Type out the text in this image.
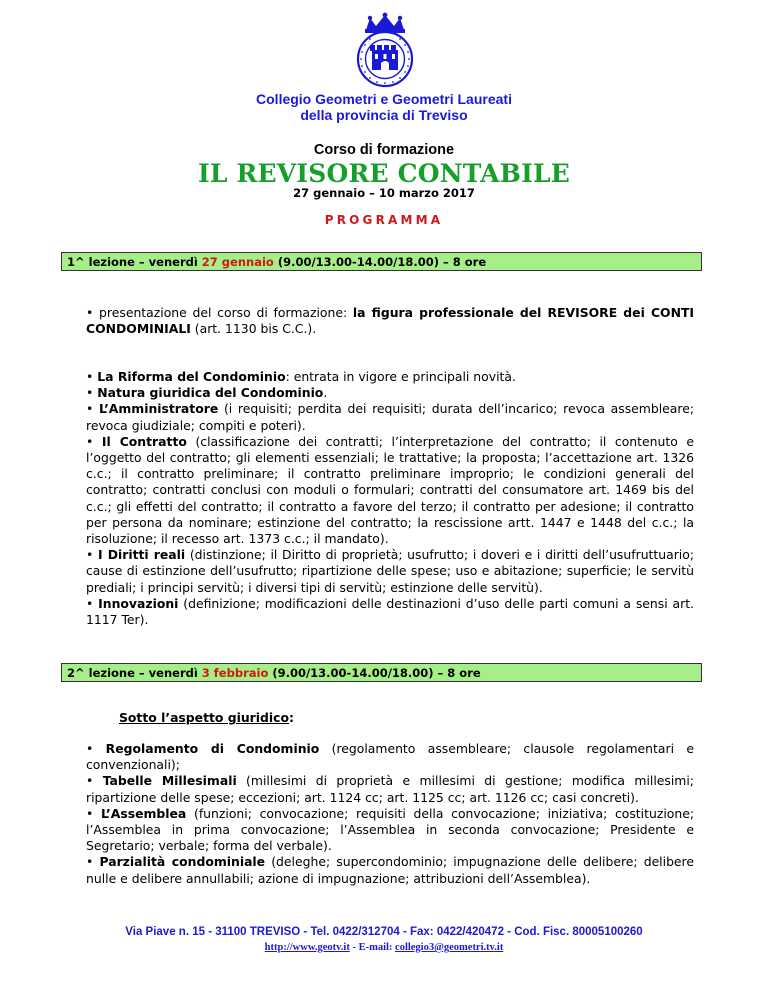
Collegio Geometri e Geometri Laureati
della provincia di Treviso
Corso di formazione
IL REVISORE CONTABILE
27 gennaio – 10 marzo 2017
PROGRAMMA
1^ lezione – venerdì 27 gennaio (9.00/13.00-14.00/18.00) – 8 ore

• presentazione del corso di formazione: la figura professionale del REVISORE dei CONTI CONDOMINIALI (art. 1130 bis C.C.).

• La Riforma del Condominio: entrata in vigore e principali novità.

• Natura giuridica del Condominio.

• L’Amministratore (i requisiti; perdita dei requisiti; durata dell’incarico; revoca assembleare; revoca giudiziale; compiti e poteri).

• Il Contratto (classificazione dei contratti; l’interpretazione del contratto; il contenuto e l’oggetto del contratto; gli elementi essenziali; le trattative; la proposta; l’accettazione art. 1326 c.c.; il contratto preliminare; il contratto preliminare improprio; le condizioni generali del contratto; contratti conclusi con moduli o formulari; contratti del consumatore art. 1469 bis del c.c.; gli effetti del contratto; il contratto a favore del terzo; il contratto per adesione; il contratto per persona da nominare; estinzione del contratto; la rescissione artt. 1447 e 1448 del c.c.; la risoluzione; il recesso art. 1373 c.c.; il mandato).

• I Diritti reali (distinzione; il Diritto di proprietà; usufrutto; i doveri e i diritti dell’usufruttuario; cause di estinzione dell’usufrutto; ripartizione delle spese; uso e abitazione; superficie; le servitù prediali; i principi servitù; i diversi tipi di servitù; estinzione delle servitù).

• Innovazioni (definizione; modificazioni delle destinazioni d’uso delle parti comuni a sensi art. 1117 Ter).

2^ lezione – venerdì 3 febbraio (9.00/13.00-14.00/18.00) – 8 ore
Sotto l’aspetto giuridico:

• Regolamento di Condominio (regolamento assembleare; clausole regolamentari e convenzionali);

• Tabelle Millesimali (millesimi di proprietà e millesimi di gestione; modifica millesimi; ripartizione delle spese; eccezioni; art. 1124 cc; art. 1125 cc; art. 1126 cc; casi concreti).

• L’Assemblea (funzioni; convocazione; requisiti della convocazione; iniziativa; costituzione; l’Assemblea in prima convocazione; l’Assemblea in seconda convocazione; Presidente e Segretario; verbale; forma del verbale).

• Parzialità condominiale (deleghe; supercondominio; impugnazione delle delibere; delibere nulle e delibere annullabili; azione di impugnazione; attribuzioni dell’Assemblea).

Via Piave n. 15 - 31100 TREVISO - Tel. 0422/312704 - Fax: 0422/420472 - Cod. Fisc. 80005100260
http://www.geotv.it - E-mail: collegio3@geometri.tv.it
